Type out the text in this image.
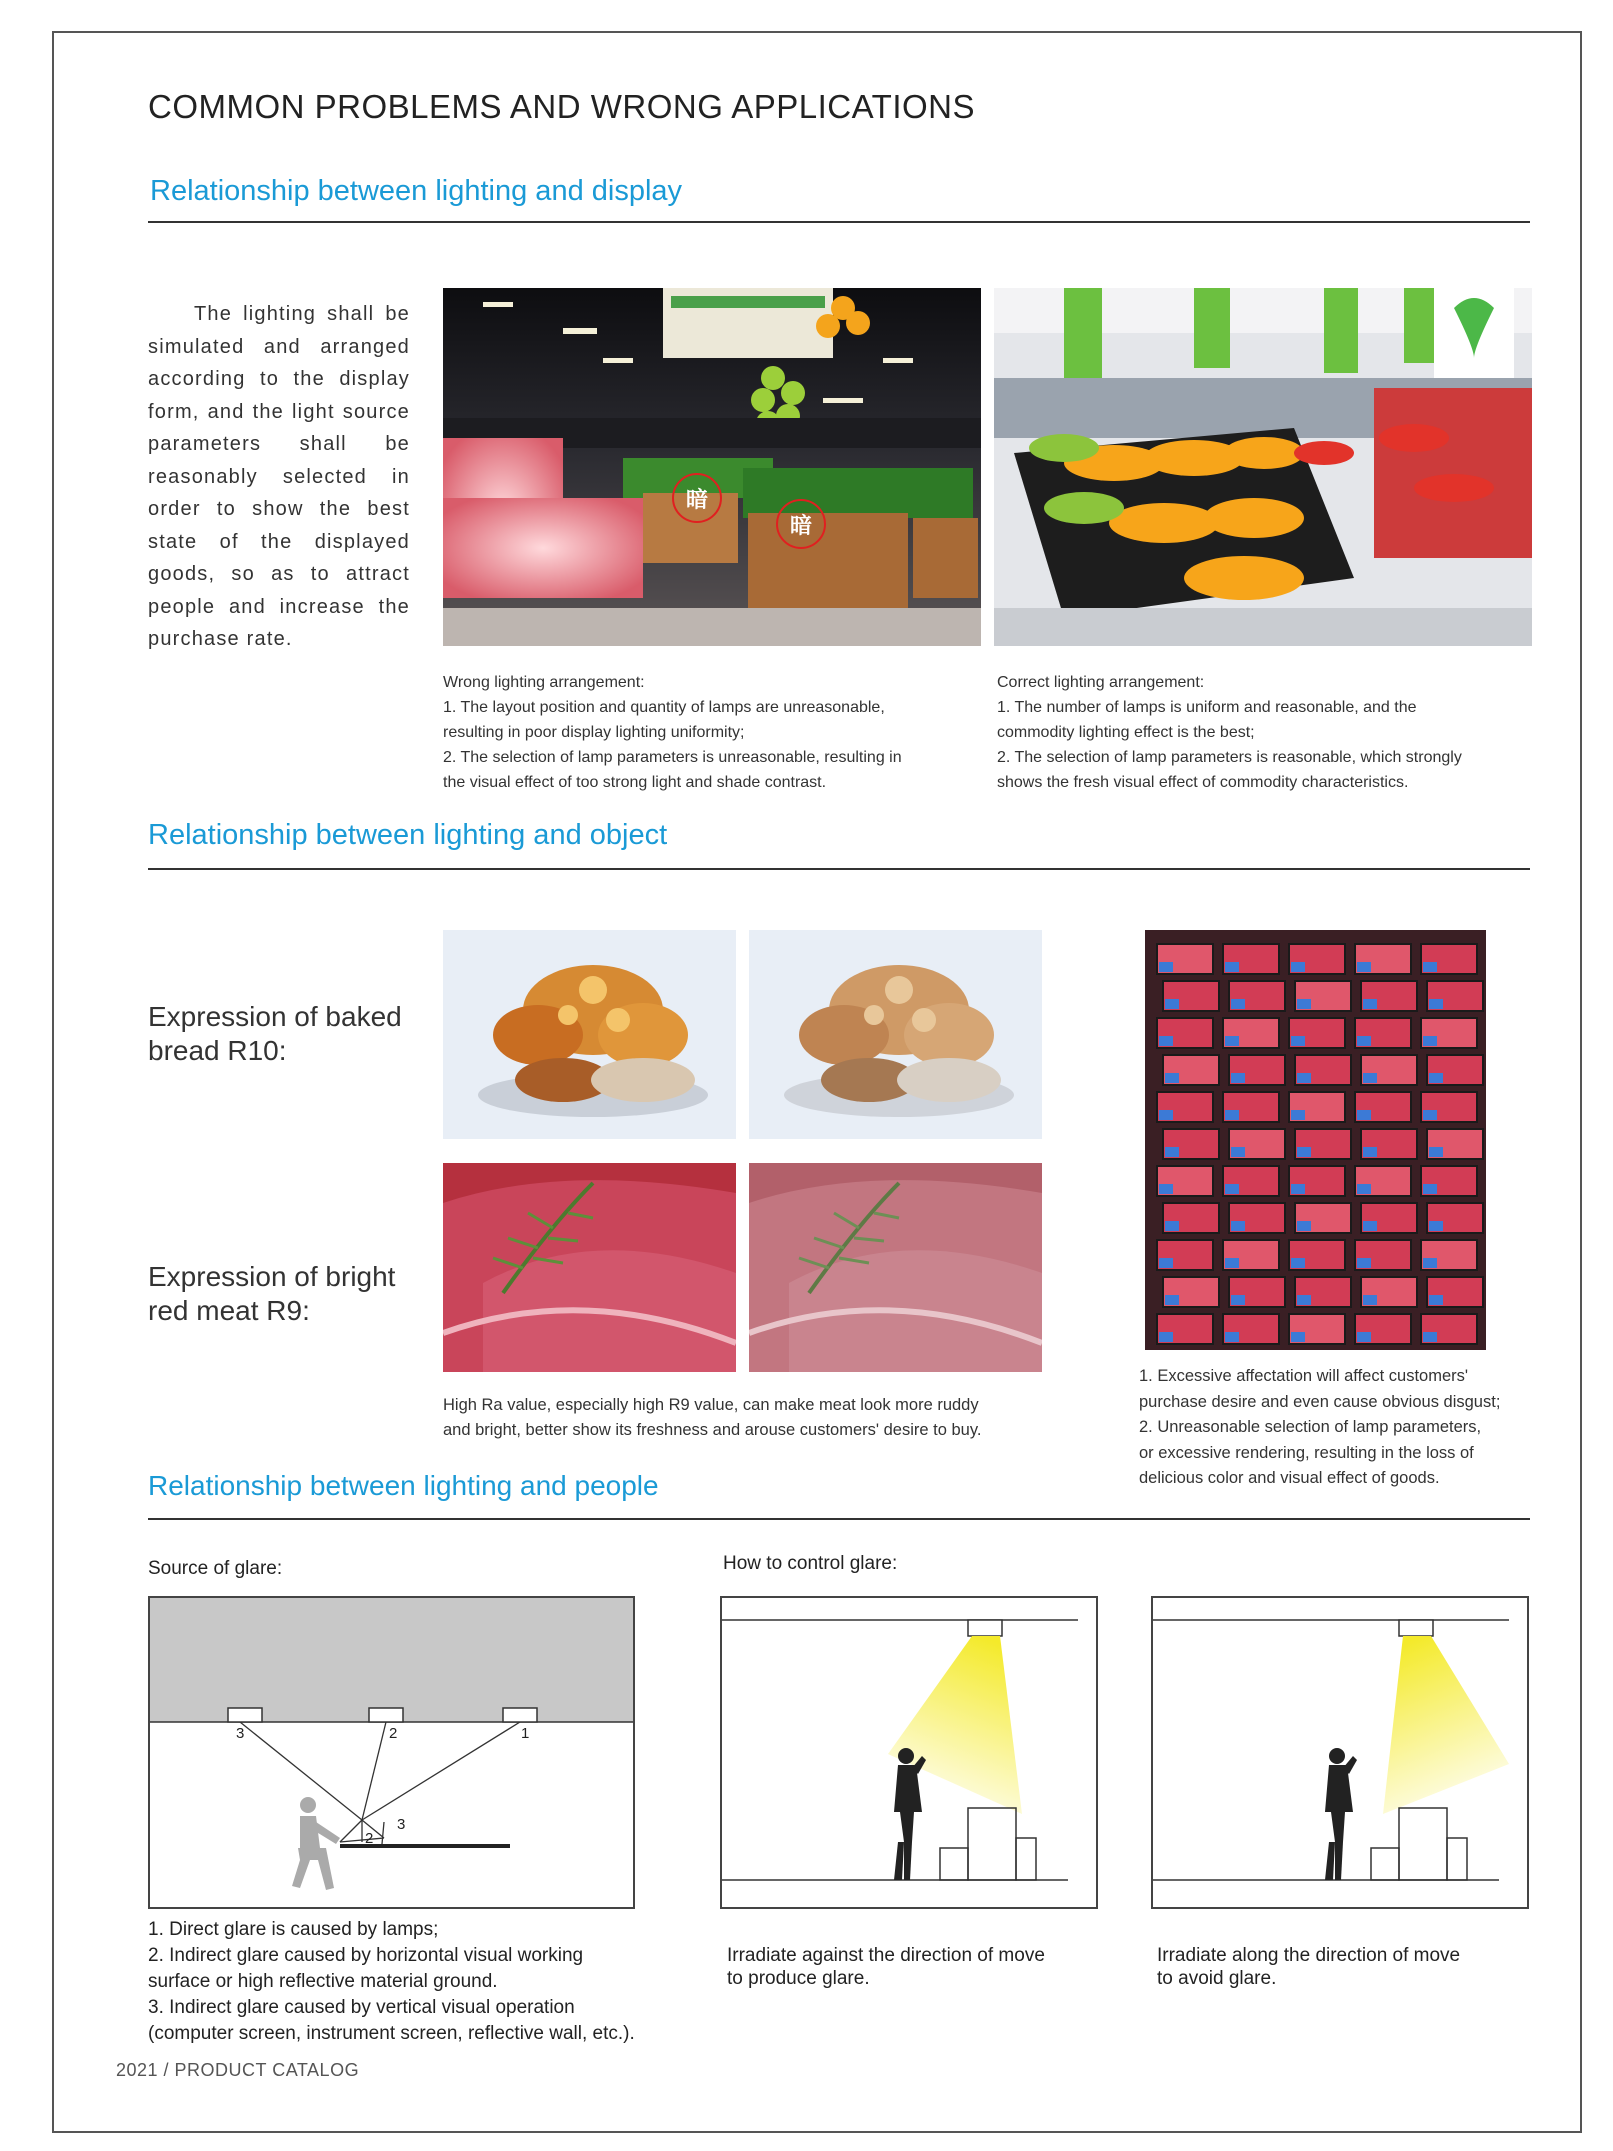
COMMON PROBLEMS AND WRONG APPLICATIONS
Relationship between lighting and display
The lighting shall be simulated and arranged according to the display form, and the light source parameters shall be reasonably selected in order to show the best state of the displayed goods, so as to attract people and increase the purchase rate.
暗
暗
Wrong lighting arrangement:
1. The layout position and quantity of lamps are unreasonable,
resulting in poor display lighting uniformity;
2. The selection of lamp parameters is unreasonable, resulting in
the visual effect of too strong light and shade contrast.
Correct lighting arrangement:
1. The number of lamps is uniform and reasonable, and the
commodity lighting effect is the best;
2. The selection of lamp parameters is reasonable, which strongly
shows the fresh visual effect of commodity characteristics.
Relationship between lighting and object
Expression of baked
bread R10:
Expression of bright
red meat R9:
High Ra value, especially high R9 value, can make meat look more ruddy
and bright, better show its freshness and arouse customers' desire to buy.
1. Excessive affectation will affect customers'
purchase desire and even cause obvious disgust;
2. Unreasonable selection of lamp parameters,
or excessive rendering, resulting in the loss of
delicious color and visual effect of goods.
Relationship between lighting and people
Source of glare:	How to control glare:
3	2	1
3
2
1. Direct glare is caused by lamps;
2. Indirect glare caused by horizontal visual working
surface or high reflective material ground.
3. Indirect glare caused by vertical visual operation
(computer screen, instrument screen, reflective wall, etc.).
Irradiate against the direction of move
to produce glare.
Irradiate along the direction of move
to avoid glare.
2021 / PRODUCT CATALOG
